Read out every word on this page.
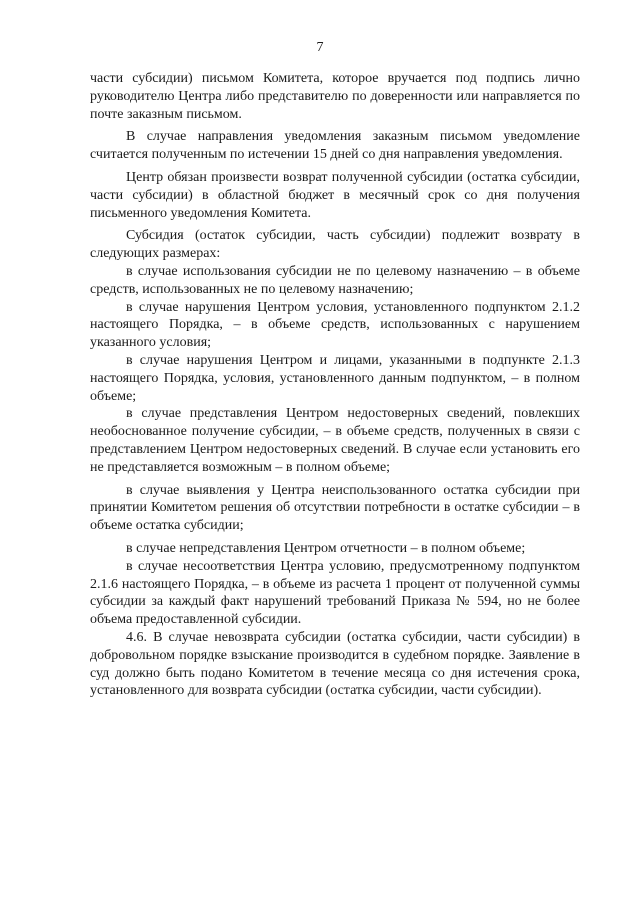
7

части субсидии) письмом Комитета, которое вручается под подпись лично руководителю Центра либо представителю по доверенности или направляется по почте заказным письмом.

В случае направления уведомления заказным письмом уведомление считается полученным по истечении 15 дней со дня направления уведомления.

Центр обязан произвести возврат полученной субсидии (остатка субсидии, части субсидии) в областной бюджет в месячный срок со дня получения письменного уведомления Комитета.

Субсидия (остаток субсидии, часть субсидии) подлежит возврату в следующих размерах:

в случае использования субсидии не по целевому назначению – в объеме средств, использованных не по целевому назначению;

в случае нарушения Центром условия, установленного подпунктом 2.1.2 настоящего Порядка, – в объеме средств, использованных с нарушением указанного условия;

в случае нарушения Центром и лицами, указанными в подпункте 2.1.3 настоящего Порядка, условия, установленного данным подпунктом, – в полном объеме;

в случае представления Центром недостоверных сведений, повлекших необоснованное получение субсидии, – в объеме средств, полученных в связи с представлением Центром недостоверных сведений. В случае если установить его не представляется возможным – в полном объеме;

в случае выявления у Центра неиспользованного остатка субсидии при принятии Комитетом решения об отсутствии потребности в остатке субсидии – в объеме остатка субсидии;

в случае непредставления Центром отчетности – в полном объеме;

в случае несоответствия Центра условию, предусмотренному подпунктом 2.1.6 настоящего Порядка, – в объеме из расчета 1 процент от полученной суммы субсидии за каждый факт нарушений требований Приказа № 594, но не более объема предоставленной субсидии.

4.6. В случае невозврата субсидии (остатка субсидии, части субсидии) в добровольном порядке взыскание производится в судебном порядке. Заявление в суд должно быть подано Комитетом в течение месяца со дня истечения срока, установленного для возврата субсидии (остатка субсидии, части субсидии).
